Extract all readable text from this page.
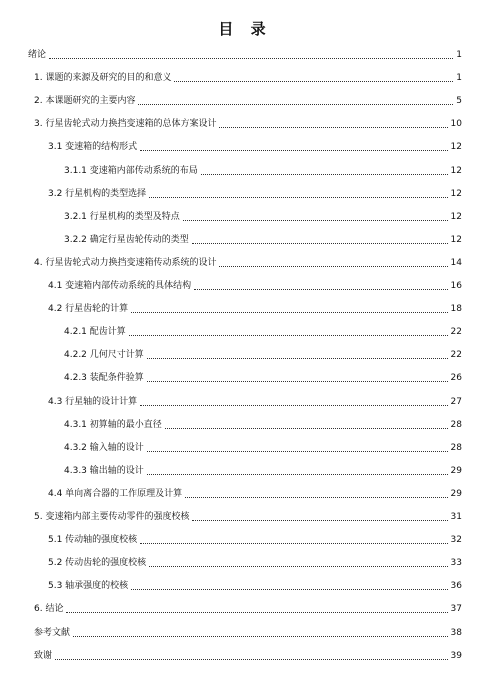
目 录
绪论	1
1. 课题的来源及研究的目的和意义	1
2. 本课题研究的主要内容	5
3. 行星齿轮式动力换挡变速箱的总体方案设计	10
3.1 变速箱的结构形式	12
3.1.1 变速箱内部传动系统的布局	12
3.2 行星机构的类型选择	12
3.2.1 行星机构的类型及特点	12
3.2.2 确定行星齿轮传动的类型	12
4. 行星齿轮式动力换挡变速箱传动系统的设计	14
4.1 变速箱内部传动系统的具体结构	16
4.2 行星齿轮的计算	18
4.2.1 配齿计算	22
4.2.2 几何尺寸计算	22
4.2.3 装配条件验算	26
4.3 行星轴的设计计算	27
4.3.1 初算轴的最小直径	28
4.3.2 输入轴的设计	28
4.3.3 输出轴的设计	29
4.4 单向离合器的工作原理及计算	29
5. 变速箱内部主要传动零件的强度校核	31
5.1 传动轴的强度校核	32
5.2 传动齿轮的强度校核	33
5.3 轴承强度的校核	36
6. 结论	37
参考文献	38
致谢	39
